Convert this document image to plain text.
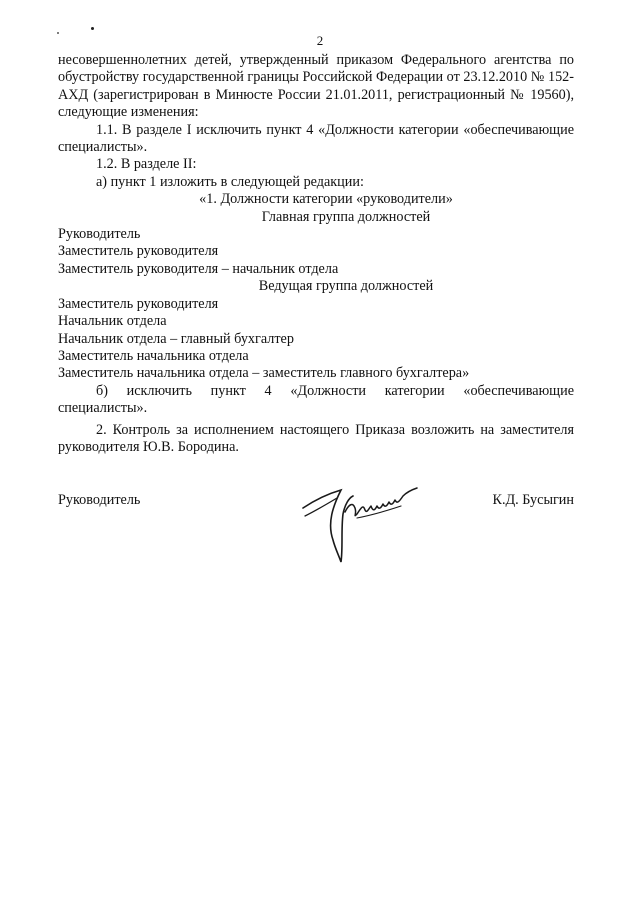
2

несовершеннолетних детей, утвержденный приказом Федерального агентства по обустройству государственной границы Российской Федерации от 23.12.2010 № 152-АХД (зарегистрирован в Минюсте России 21.01.2011, регистрационный № 19560), следующие изменения:

1.1. В разделе I исключить пункт 4 «Должности категории «обеспечивающие специалисты».

1.2. В разделе II:

а) пункт 1 изложить в следующей редакции:

«1. Должности категории «руководители»

Главная группа должностей

Руководитель

Заместитель руководителя

Заместитель руководителя – начальник отдела

Ведущая группа должностей

Заместитель руководителя

Начальник отдела

Начальник отдела – главный бухгалтер

Заместитель начальника отдела

Заместитель начальника отдела – заместитель главного бухгалтера»

б) исключить пункт 4 «Должности категории «обеспечивающие специалисты».

2. Контроль за исполнением настоящего Приказа возложить на заместителя руководителя Ю.В. Бородина.

Руководитель	К.Д. Бусыгин
